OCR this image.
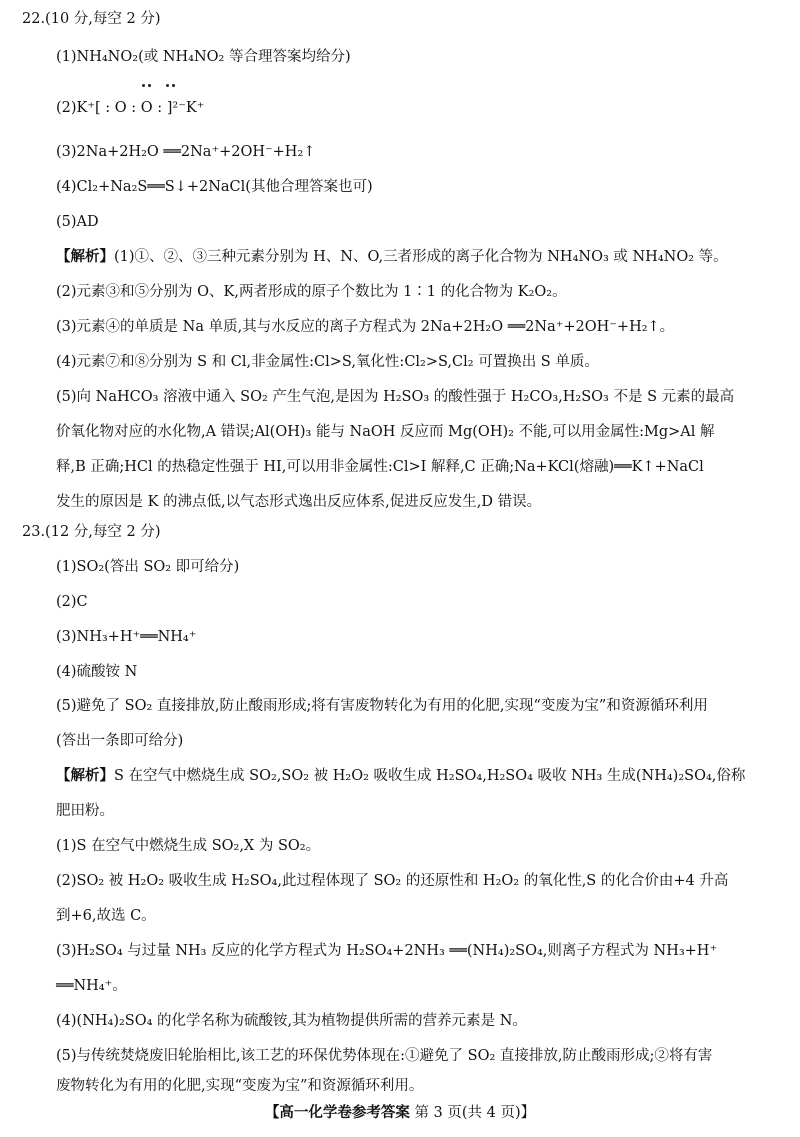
22.(10 分,每空 2 分)
(1)NH₄NO₂(或 NH₄NO₂ 等合理答案均给分)
(2)K⁺[ : O : O : ]²⁻K⁺
(3)2Na+2H₂O ══2Na⁺+2OH⁻+H₂↑
(4)Cl₂+Na₂S══S↓+2NaCl(其他合理答案也可)
(5)AD
【解析】(1)①、②、③三种元素分别为 H、N、O,三者形成的离子化合物为 NH₄NO₃ 或 NH₄NO₂ 等。
(2)元素③和⑤分别为 O、K,两者形成的原子个数比为 1∶1 的化合物为 K₂O₂。
(3)元素④的单质是 Na 单质,其与水反应的离子方程式为 2Na+2H₂O ══2Na⁺+2OH⁻+H₂↑。
(4)元素⑦和⑧分别为 S 和 Cl,非金属性:Cl>S,氧化性:Cl₂>S,Cl₂ 可置换出 S 单质。
(5)向 NaHCO₃ 溶液中通入 SO₂ 产生气泡,是因为 H₂SO₃ 的酸性强于 H₂CO₃,H₂SO₃ 不是 S 元素的最高
价氧化物对应的水化物,A 错误;Al(OH)₃ 能与 NaOH 反应而 Mg(OH)₂ 不能,可以用金属性:Mg>Al 解
释,B 正确;HCl 的热稳定性强于 HI,可以用非金属性:Cl>I 解释,C 正确;Na+KCl(熔融)══K↑+NaCl
发生的原因是 K 的沸点低,以气态形式逸出反应体系,促进反应发生,D 错误。
23.(12 分,每空 2 分)
(1)SO₂(答出 SO₂ 即可给分)
(2)C
(3)NH₃+H⁺══NH₄⁺
(4)硫酸铵 N
(5)避免了 SO₂ 直接排放,防止酸雨形成;将有害废物转化为有用的化肥,实现“变废为宝”和资源循环利用
(答出一条即可给分)
【解析】S 在空气中燃烧生成 SO₂,SO₂ 被 H₂O₂ 吸收生成 H₂SO₄,H₂SO₄ 吸收 NH₃ 生成(NH₄)₂SO₄,俗称
肥田粉。
(1)S 在空气中燃烧生成 SO₂,X 为 SO₂。
(2)SO₂ 被 H₂O₂ 吸收生成 H₂SO₄,此过程体现了 SO₂ 的还原性和 H₂O₂ 的氧化性,S 的化合价由+4 升高
到+6,故选 C。
(3)H₂SO₄ 与过量 NH₃ 反应的化学方程式为 H₂SO₄+2NH₃ ══(NH₄)₂SO₄,则离子方程式为 NH₃+H⁺
══NH₄⁺。
(4)(NH₄)₂SO₄ 的化学名称为硫酸铵,其为植物提供所需的营养元素是 N。
(5)与传统焚烧废旧轮胎相比,该工艺的环保优势体现在:①避免了 SO₂ 直接排放,防止酸雨形成;②将有害
废物转化为有用的化肥,实现“变废为宝”和资源循环利用。
【高一化学卷参考答案 第 3 页(共 4 页)】
